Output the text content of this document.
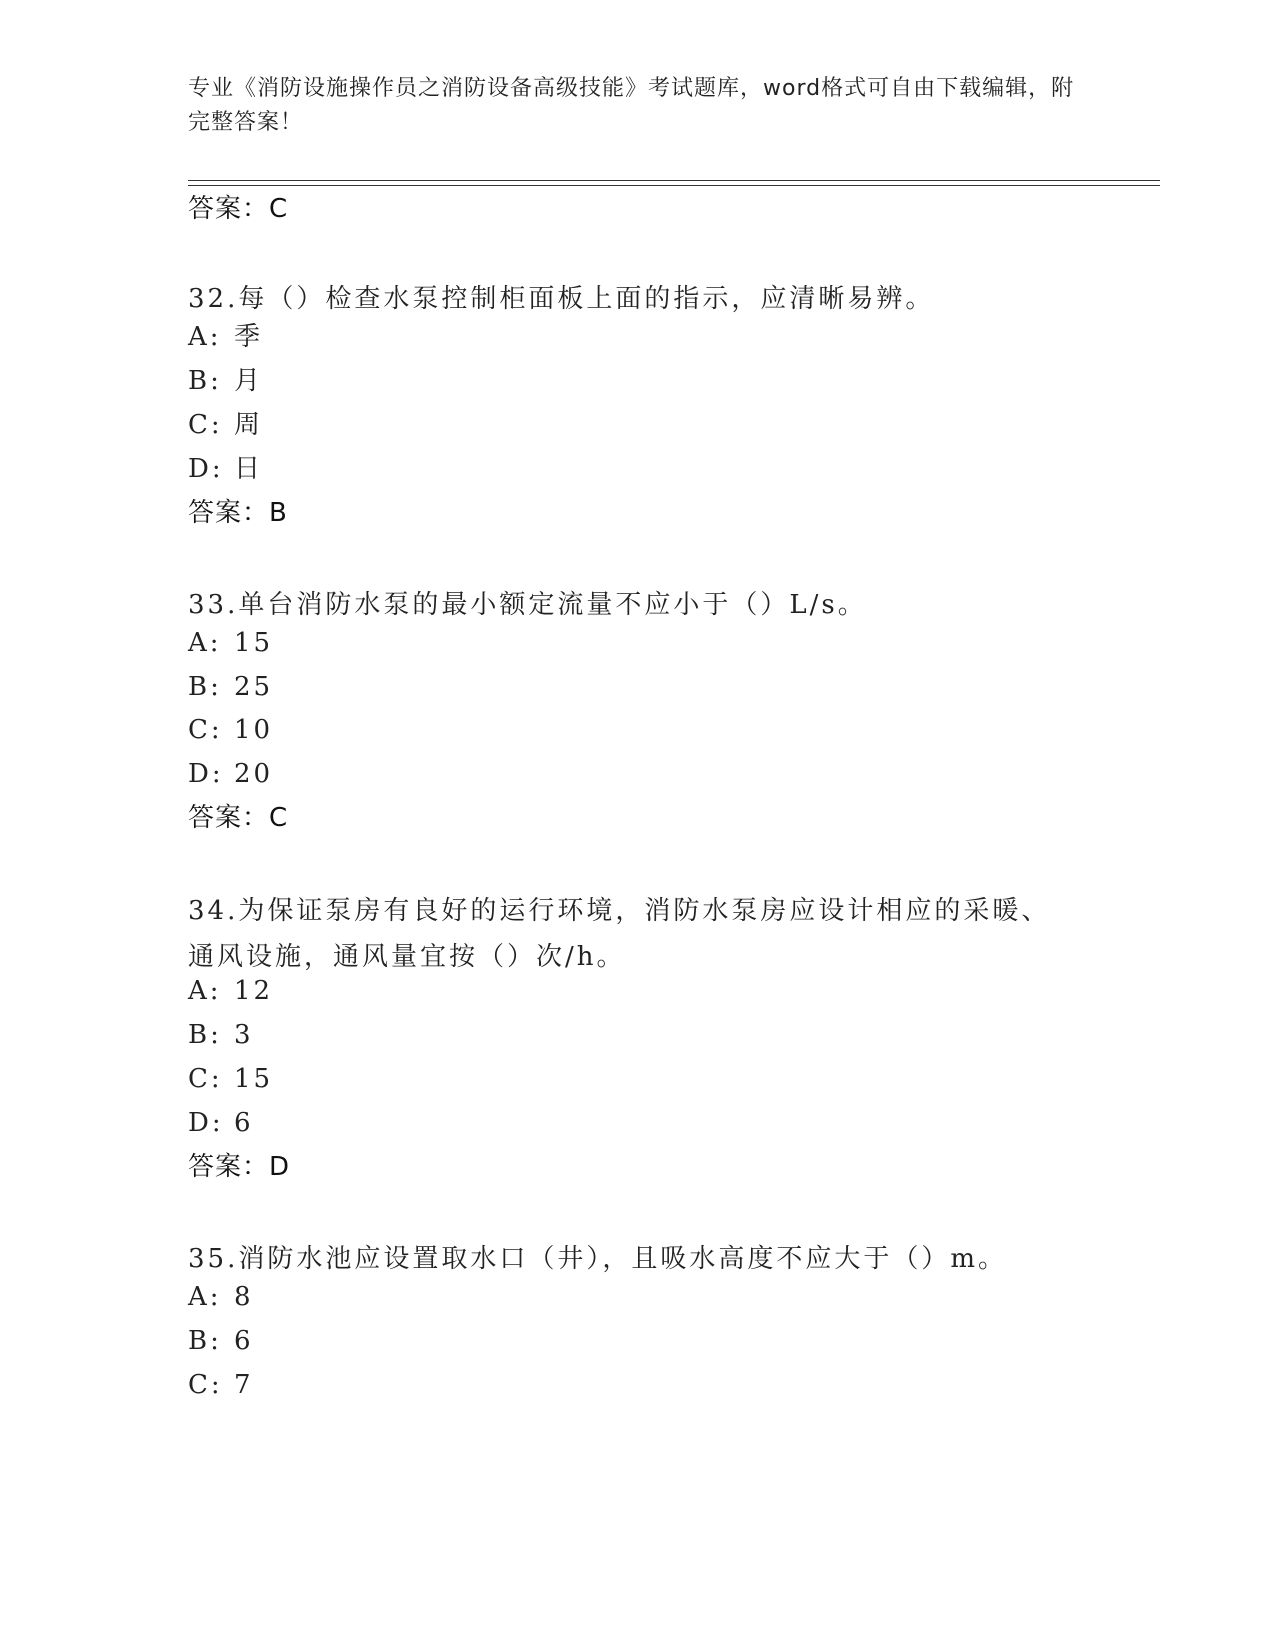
专业《消防设施操作员之消防设备高级技能》考试题库，word格式可自由下载编辑，附完整答案！
答案：C
32.每（）检查水泵控制柜面板上面的指示，应清晰易辨。
A: 季
B: 月
C: 周
D: 日
答案：B
33.单台消防水泵的最小额定流量不应小于（）L/s。
A: 15
B: 25
C: 10
D: 20
答案：C
34.为保证泵房有良好的运行环境，消防水泵房应设计相应的采暖、通风设施，通风量宜按（）次/h。
A: 12
B: 3
C: 15
D: 6
答案：D
35.消防水池应设置取水口（井），且吸水高度不应大于（）m。
A: 8
B: 6
C: 7
